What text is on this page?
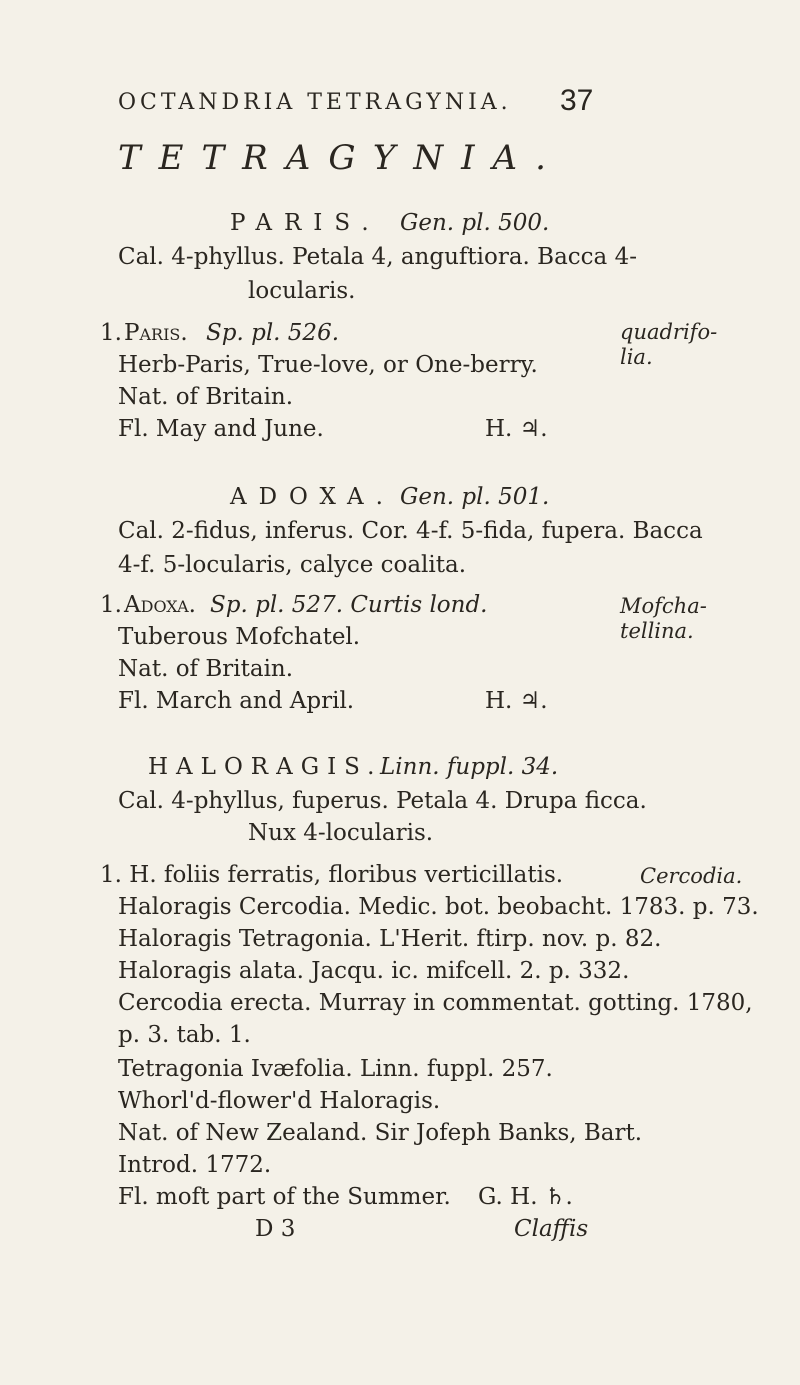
OCTANDRIA TETRAGYNIA. 37
TETRAGYNIA.
PARIS. Gen. pl. 500.
Cal. 4-phyllus. Petala 4, anguftiora. Bacca 4-
locularis.
1. Paris. Sp. pl. 526.
Herb-Paris, True-love, or One-berry.
Nat. of Britain.
Fl. May and June.	H. ♃.
quadrifo-
lia.
ADOXA. Gen. pl. 501.
Cal. 2-fidus, inferus. Cor. 4-f. 5-fida, fupera. Bacca
4-f. 5-locularis, calyce coalita.
1. Adoxa. Sp. pl. 527. Curtis lond.
Tuberous Mofchatel.
Nat. of Britain.
Fl. March and April.	H. ♃.
Mofcha-
tellina.
HALORAGIS.
Linn. fuppl. 34.
Cal. 4-phyllus, fuperus. Petala 4. Drupa ficca.
Nux 4-locularis.
1. H. foliis ferratis, floribus verticillatis.
Haloragis Cercodia. Medic. bot. beobacht. 1783. p. 73.
Haloragis Tetragonia. L'Herit. ftirp. nov. p. 82.
Haloragis alata. Jacqu. ic. mifcell. 2. p. 332.
Cercodia erecta. Murray in commentat. gotting. 1780,
p. 3. tab. 1.
Tetragonia Ivæfolia. Linn. fuppl. 257.
Whorl'd-flower'd Haloragis.
Nat. of New Zealand. Sir Jofeph Banks, Bart.
Introd. 1772.
Fl. moft part of the Summer. G. H. ♄.
Cercodia.
D 3	Claffis
